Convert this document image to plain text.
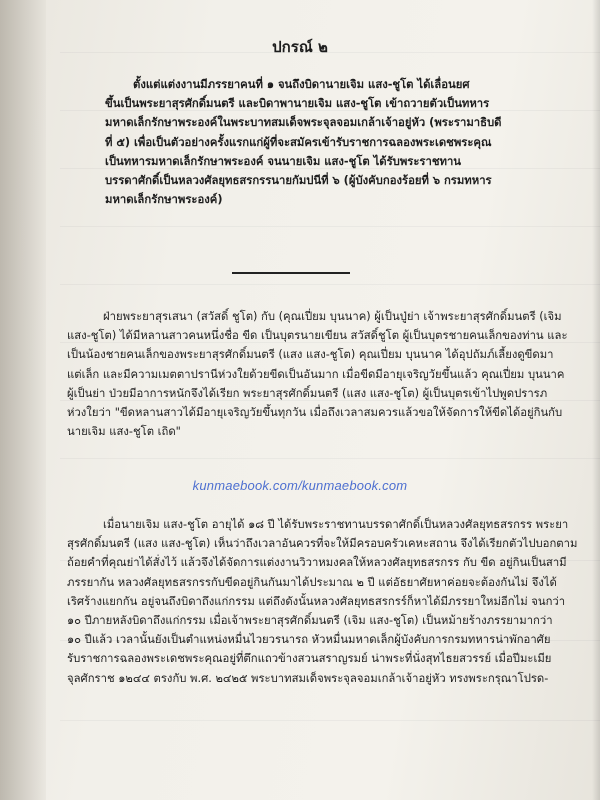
ปกรณ์ ๒
ตั้งแต่แต่งงานมีภรรยาคนที่ ๑ จนถึงบิดานายเจิม แสง-ชูโต ได้เลื่อนยศ
ขึ้นเป็นพระยาสุรศักดิ์มนตรี และบิดาพานายเจิม แสง-ชูโต เข้าถวายตัวเป็นทหาร
มหาดเล็กรักษาพระองค์ในพระบาทสมเด็จพระจุลจอมเกล้าเจ้าอยู่หัว (พระรามาธิบดี
ที่ ๕) เพื่อเป็นตัวอย่างครั้งแรกแก่ผู้ที่จะสมัครเข้ารับราชการฉลองพระเดชพระคุณ
เป็นทหารมหาดเล็กรักษาพระองค์ จนนายเจิม แสง-ชูโต ได้รับพระราชทาน
บรรดาศักดิ์เป็นหลวงศัลยุทธสรกรรนายกัมปนีที่ ๖ (ผู้บังคับกองร้อยที่ ๖ กรมทหาร
มหาดเล็กรักษาพระองค์)
ฝ่ายพระยาสุรเสนา (สวัสดิ์ ชูโต) กับ (คุณเปี่ยม บุนนาค) ผู้เป็นปู่ย่า เจ้าพระยาสุรศักดิ์มนตรี (เจิม
แสง-ชูโต) ได้มีหลานสาวคนหนึ่งชื่อ ขีด เป็นบุตรนายเขียน สวัสดิ์ชูโต ผู้เป็นบุตรชายคนเล็กของท่าน และ
เป็นน้องชายคนเล็กของพระยาสุรศักดิ์มนตรี (แสง แสง-ชูโต) คุณเปี่ยม บุนนาค ได้อุปถัมภ์เลี้ยงดูขีดมา
แต่เล็ก และมีความเมตตาปรานีห่วงใยด้วยขีดเป็นอันมาก เมื่อขีดมีอายุเจริญวัยขึ้นแล้ว คุณเปี่ยม บุนนาค
ผู้เป็นย่า ป่วยมีอาการหนักจึงได้เรียก พระยาสุรศักดิ์มนตรี (แสง แสง-ชูโต) ผู้เป็นบุตรเข้าไปพูดปรารภ
ห่วงใยว่า "ขีดหลานสาวได้มีอายุเจริญวัยขึ้นทุกวัน เมื่อถึงเวลาสมควรแล้วขอให้จัดการให้ขีดได้อยู่กินกับ
นายเจิม แสง-ชูโต เถิด"
kunmaebook.com/kunmaebook.com
เมื่อนายเจิม แสง-ชูโต อายุได้ ๑๘ ปี ได้รับพระราชทานบรรดาศักดิ์เป็นหลวงศัลยุทธสรกรร พระยา
สุรศักดิ์มนตรี (แสง แสง-ชูโต) เห็นว่าถึงเวลาอันควรที่จะให้มีครอบครัวเคหะสถาน จึงได้เรียกตัวไปบอกตาม
ถ้อยคำที่คุณย่าได้สั่งไว้ แล้วจึงได้จัดการแต่งงานวิวาหมงคลให้หลวงศัลยุทธสรกรร กับ ขีด อยู่กินเป็นสามี
ภรรยากัน หลวงศัลยุทธสรกรรกับขีดอยู่กินกันมาได้ประมาณ ๒ ปี แต่อัธยาศัยหาค่อยจะต้องกันไม่ จึงได้
เริศร้างแยกกัน อยู่จนถึงบิดาถึงแก่กรรม แต่ถึงดังนั้นหลวงศัลยุทธสรกรร์ก็หาได้มีภรรยาใหม่อีกไม่ จนกว่า
๑๐ ปีภายหลังบิดาถึงแก่กรรม เมื่อเจ้าพระยาสุรศักดิ์มนตรี (เจิม แสง-ชูโต) เป็นหม้ายร้างภรรยามากว่า
๑๐ ปีแล้ว เวลานั้นยังเป็นตำแหน่งหมื่นไวยวรนารถ หัวหมื่นมหาดเล็กผู้บังคับการกรมทหารน่าพักอาศัย
รับราชการฉลองพระเดชพระคุณอยู่ที่ตึกแถวข้างสวนสราญรมย์ น่าพระที่นั่งสุทไธยสวรรย์ เมื่อปีมะเมีย
จุลศักราช ๑๒๔๔ ตรงกับ พ.ศ. ๒๔๒๕ พระบาทสมเด็จพระจุลจอมเกล้าเจ้าอยู่หัว ทรงพระกรุณาโปรด-
